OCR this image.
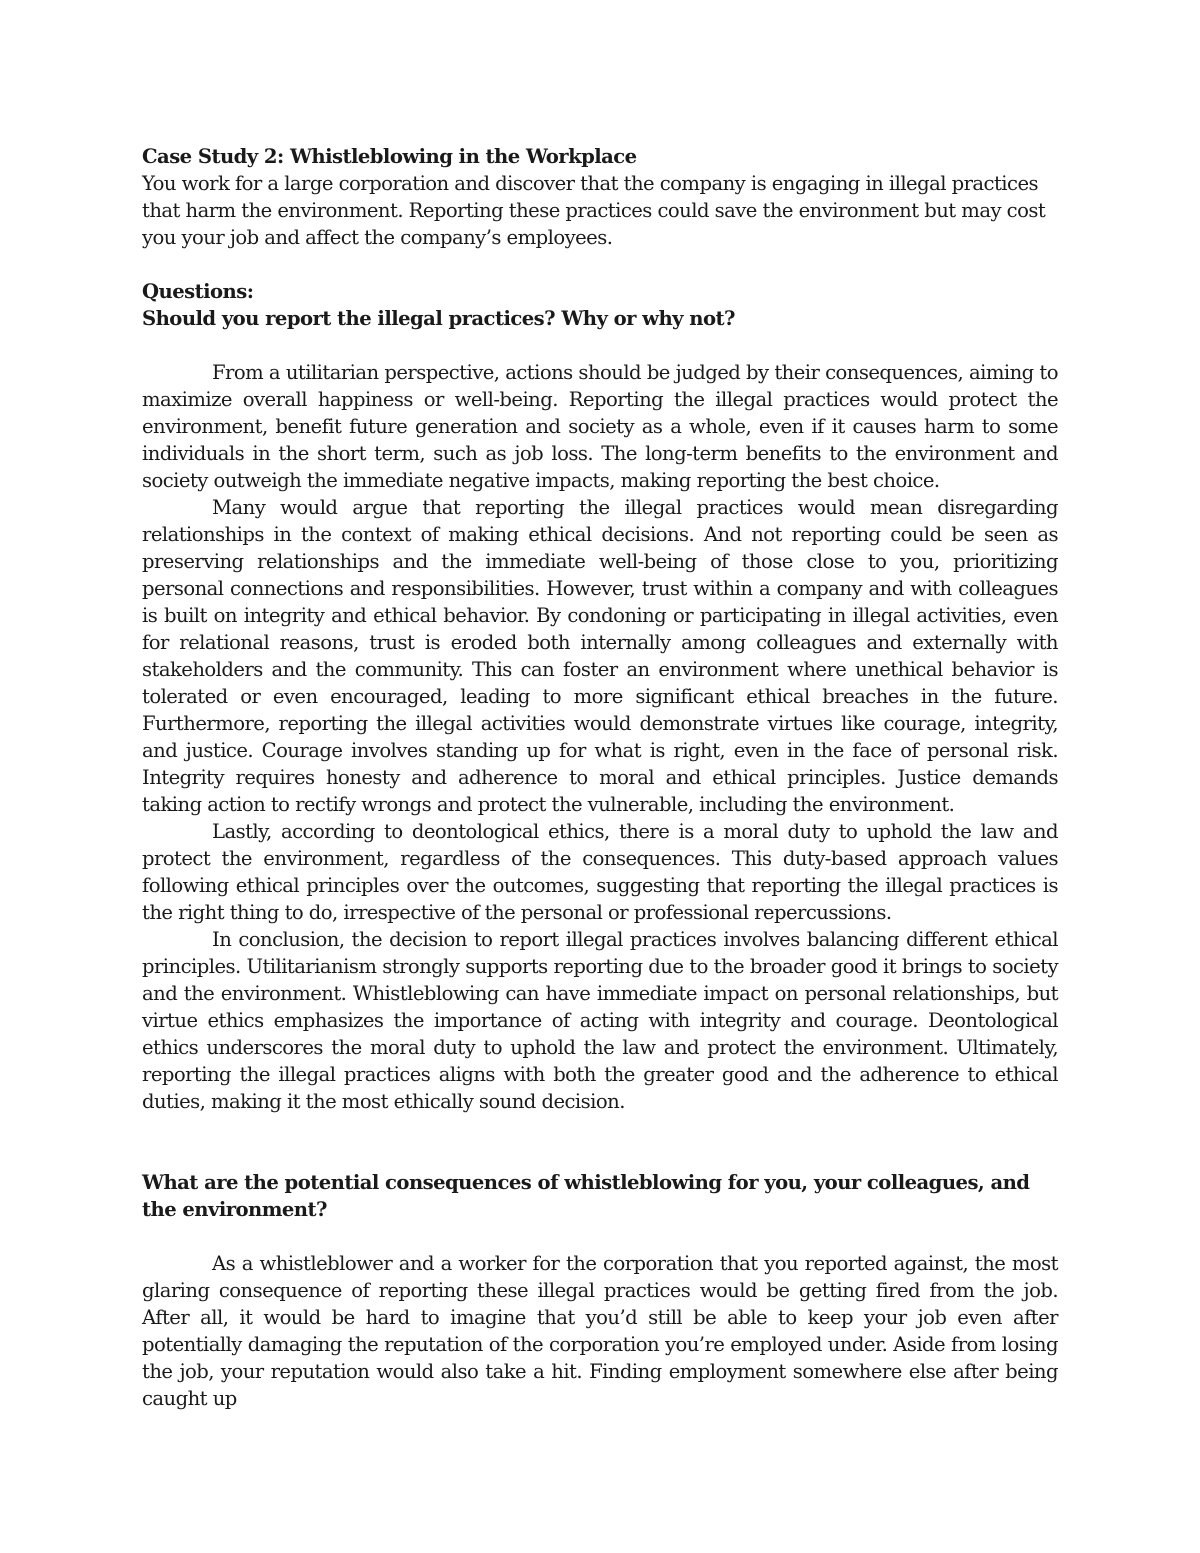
Case Study 2: Whistleblowing in the Workplace

You work for a large corporation and discover that the company is engaging in illegal practices that harm the environment. Reporting these practices could save the environment but may cost you your job and affect the company’s employees.

Questions:

Should you report the illegal practices? Why or why not?

From a utilitarian perspective, actions should be judged by their consequences, aiming to maximize overall happiness or well-being. Reporting the illegal practices would protect the environment, benefit future generation and society as a whole, even if it causes harm to some individuals in the short term, such as job loss. The long-term benefits to the environment and society outweigh the immediate negative impacts, making reporting the best choice.

Many would argue that reporting the illegal practices would mean disregarding relationships in the context of making ethical decisions. And not reporting could be seen as preserving relationships and the immediate well-being of those close to you, prioritizing personal connections and responsibilities. However, trust within a company and with colleagues is built on integrity and ethical behavior. By condoning or participating in illegal activities, even for relational reasons, trust is eroded both internally among colleagues and externally with stakeholders and the community. This can foster an environment where unethical behavior is tolerated or even encouraged, leading to more significant ethical breaches in the future. Furthermore, reporting the illegal activities would demonstrate virtues like courage, integrity, and justice. Courage involves standing up for what is right, even in the face of personal risk. Integrity requires honesty and adherence to moral and ethical principles. Justice demands taking action to rectify wrongs and protect the vulnerable, including the environment.

Lastly, according to deontological ethics, there is a moral duty to uphold the law and protect the environment, regardless of the consequences. This duty-based approach values following ethical principles over the outcomes, suggesting that reporting the illegal practices is the right thing to do, irrespective of the personal or professional repercussions.

In conclusion, the decision to report illegal practices involves balancing different ethical principles. Utilitarianism strongly supports reporting due to the broader good it brings to society and the environment. Whistleblowing can have immediate impact on personal relationships, but virtue ethics emphasizes the importance of acting with integrity and courage. Deontological ethics underscores the moral duty to uphold the law and protect the environment. Ultimately, reporting the illegal practices aligns with both the greater good and the adherence to ethical duties, making it the most ethically sound decision.

What are the potential consequences of whistleblowing for you, your colleagues, and the environment?

As a whistleblower and a worker for the corporation that you reported against, the most glaring consequence of reporting these illegal practices would be getting fired from the job. After all, it would be hard to imagine that you’d still be able to keep your job even after potentially damaging the reputation of the corporation you’re employed under. Aside from losing the job, your reputation would also take a hit. Finding employment somewhere else after being caught up
